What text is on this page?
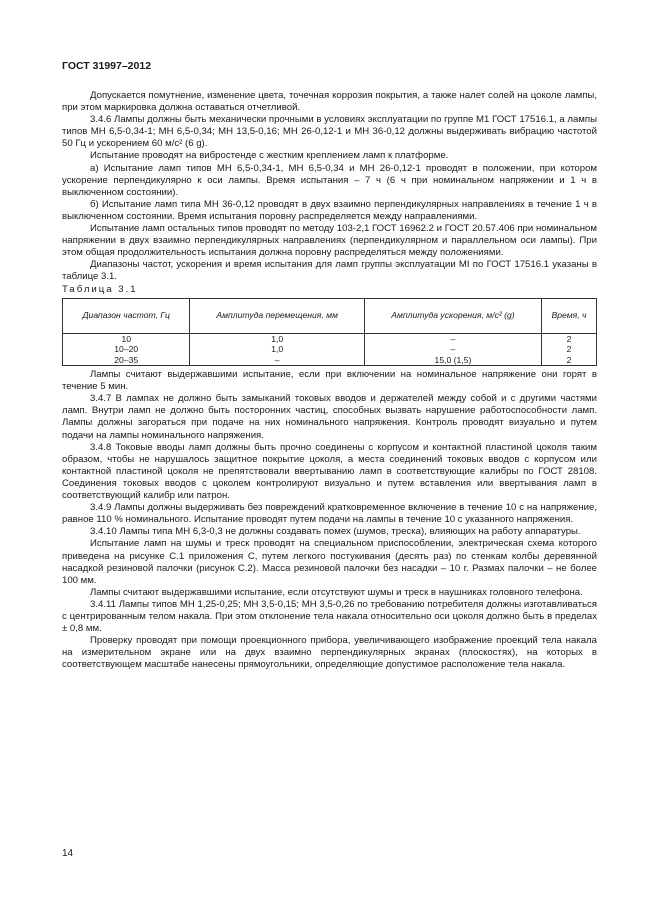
ГОСТ 31997–2012

Допускается помутнение, изменение цвета, точечная коррозия покрытия, а также налет солей на цоколе лампы, при этом маркировка должна оставаться отчетливой.

3.4.6 Лампы должны быть механически прочными в условиях эксплуатации по группе М1 ГОСТ 17516.1, а лампы типов МН 6,5-0,34-1; МН 6,5-0,34; МН 13,5-0,16; МН 26-0,12-1 и МН 36-0,12 должны выдерживать вибрацию частотой 50 Гц и ускорением 60 м/с² (6 g).

Испытание проводят на вибростенде с жестким креплением ламп к платформе.

а) Испытание ламп типов МН 6,5-0,34-1, МН 6,5-0,34 и МН 26-0,12-1 проводят в положении, при котором ускорение перпендикулярно к оси лампы. Время испытания – 7 ч (6 ч при номинальном напряжении и 1 ч в выключенном состоянии).

б) Испытание ламп типа МН 36-0,12 проводят в двух взаимно перпендикулярных направлениях в течение 1 ч в выключенном состоянии. Время испытания поровну распределяется между направлениями.

Испытание ламп остальных типов проводят по методу 103-2,1 ГОСТ 16962.2 и ГОСТ 20.57.406 при номинальном напряжении в двух взаимно перпендикулярных направлениях (перпендикулярном и параллельном оси лампы). При этом общая продолжительность испытания должна поровну распределяться между положениями.

Диапазоны частот, ускорения и время испытания для ламп группы эксплуатации МI по ГОСТ 17516.1 указаны в таблице 3.1.

Таблица 3.1

Диапазон частот, Гц	Амплитуда перемещения, мм	Амплитуда ускорения, м/с² (g)	Время, ч
10	1,0	–	2
10–20	1,0	–	2
20–35	–	15,0 (1,5)	2

Лампы считают выдержавшими испытание, если при включении на номинальное напряжение они горят в течение 5 мин.

3.4.7 В лампах не должно быть замыканий токовых вводов и держателей между собой и с другими частями ламп. Внутри ламп не должно быть посторонних частиц, способных вызвать нарушение работоспособности ламп. Лампы должны загораться при подаче на них номинального напряжения. Контроль проводят визуально и путем подачи на лампы номинального напряжения.

3.4.8 Токовые вводы ламп должны быть прочно соединены с корпусом и контактной пластиной цоколя таким образом, чтобы не нарушалось защитное покрытие цоколя, а места соединений токовых вводов с корпусом или контактной пластиной цоколя не препятствовали ввертыванию ламп в соответствующие калибры по ГОСТ 28108. Соединения токовых вводов с цоколем контролируют визуально и путем вставления или ввертывания ламп в соответствующий калибр или патрон.

3.4.9 Лампы должны выдерживать без повреждений кратковременное включение в течение 10 с на напряжение, равное 110 % номинального. Испытание проводят путем подачи на лампы в течение 10 с указанного напряжения.

3.4.10 Лампы типа МН 6,3-0,3 не должны создавать помех (шумов, треска), влияющих на работу аппаратуры.

Испытание ламп на шумы и треск проводят на специальном приспособлении, электрическая схема которого приведена на рисунке С.1 приложения С, путем легкого постукивания (десять раз) по стенкам колбы деревянной насадкой резиновой палочки (рисунок С.2). Масса резиновой палочки без насадки – 10 г. Размах палочки – не более 100 мм.

Лампы считают выдержавшими испытание, если отсутствуют шумы и треск в наушниках головного телефона.

3.4.11 Лампы типов МН 1,25-0,25; МН 3,5-0,15; МН 3,5-0,26 по требованию потребителя должны изготавливаться с центрированным телом накала. При этом отклонение тела накала относительно оси цоколя должно быть в пределах ± 0,8 мм.

Проверку проводят при помощи проекционного прибора, увеличивающего изображение проекций тела накала на измерительном экране или на двух взаимно перпендикулярных экранах (плоскостях), на которых в соответствующем масштабе нанесены прямоугольники, определяющие допустимое расположение тела накала.

14
